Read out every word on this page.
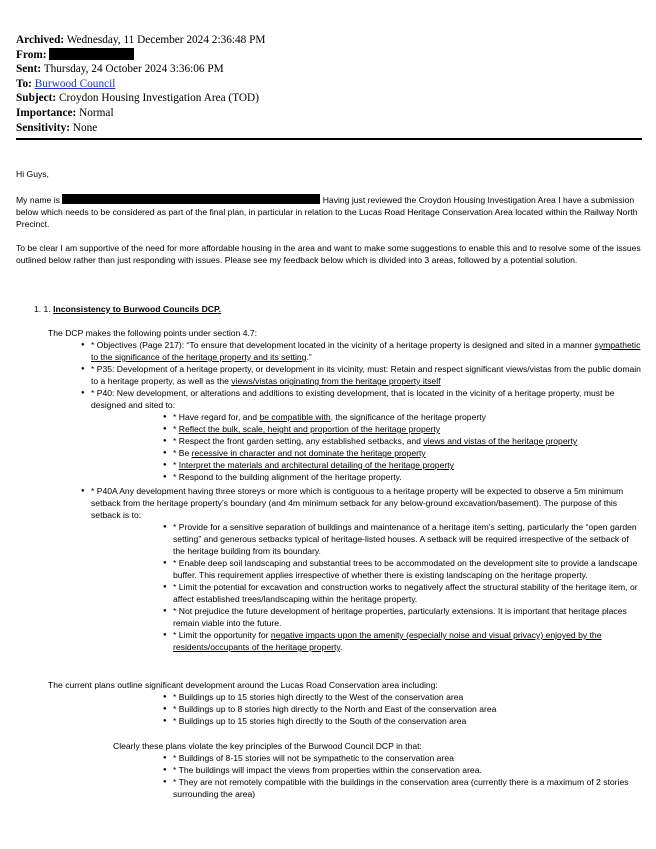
Archived: Wednesday, 11 December 2024 2:36:48 PM
From:
Sent: Thursday, 24 October 2024 3:36:06 PM
To: Burwood Council
Subject: Croydon Housing Investigation Area (TOD)
Importance: Normal
Sensitivity: None

Hi Guys,

My name is	Having just reviewed the Croydon Housing Investigation Area I have a submission below which needs to be considered as part of the final plan, in particular in relation to the Lucas Road Heritage Conservation Area located within the Railway North Precinct.

To be clear I am supportive of the need for more affordable housing in the area and want to make some suggestions to enable this and to resolve some of the issues outlined below rather than just responding with issues. Please see my feedback below which is divided into 3 areas, followed by a potential solution.

1. 1. Inconsistency to Burwood Councils DCP.
The DCP makes the following points under section 4.7:
● * Objectives (Page 217): “To ensure that development located in the vicinity of a heritage property is designed and sited in a manner sympathetic to the significance of the heritage property and its setting.”
● * P35: Development of a heritage property, or development in its vicinity, must: Retain and respect significant views/vistas from the public domain to a heritage property, as well as the views/vistas originating from the heritage property itself
● * P40: New development, or alterations and additions to existing development, that is located in the vicinity of a heritage property, must be designed and sited to:
● * Have regard for, and be compatible with, the significance of the heritage property
● * Reflect the bulk, scale, height and proportion of the heritage property
● * Respect the front garden setting, any established setbacks, and views and vistas of the heritage property
● * Be recessive in character and not dominate the heritage property
● * Interpret the materials and architectural detailing of the heritage property
● * Respond to the building alignment of the heritage property.
● * P40A Any development having three storeys or more which is contiguous to a heritage property will be expected to observe a 5m minimum setback from the heritage property’s boundary (and 4m minimum setback for any below-ground excavation/basement). The purpose of this setback is to:
● * Provide for a sensitive separation of buildings and maintenance of a heritage item’s setting, particularly the “open garden setting” and generous setbacks typical of heritage-listed houses. A setback will be required irrespective of the setback of the heritage building from its boundary.
● * Enable deep soil landscaping and substantial trees to be accommodated on the development site to provide a landscape buffer. This requirement applies irrespective of whether there is existing landscaping on the heritage property.
● * Limit the potential for excavation and construction works to negatively affect the structural stability of the heritage item, or affect established trees/landscaping within the heritage property.
● * Not prejudice the future development of heritage properties, particularly extensions. It is important that heritage places remain viable into the future.
● * Limit the opportunity for negative impacts upon the amenity (especially noise and visual privacy) enjoyed by the residents/occupants of the heritage property.
The current plans outline significant development around the Lucas Road Conservation area including:
● * Buildings up to 15 stories high directly to the West of the conservation area
● * Buildings up to 8 stories high directly to the North and East of the conservation area
● * Buildings up to 15 stories high directly to the South of the conservation area
Clearly these plans violate the key principles of the Burwood Council DCP in that:
● * Buildings of 8-15 stories will not be sympathetic to the conservation area
● * The buildings will impact the views from properties within the conservation area.
● * They are not remotely compatible with the buildings in the conservation area (currently there is a maximum of 2 stories surrounding the area)
